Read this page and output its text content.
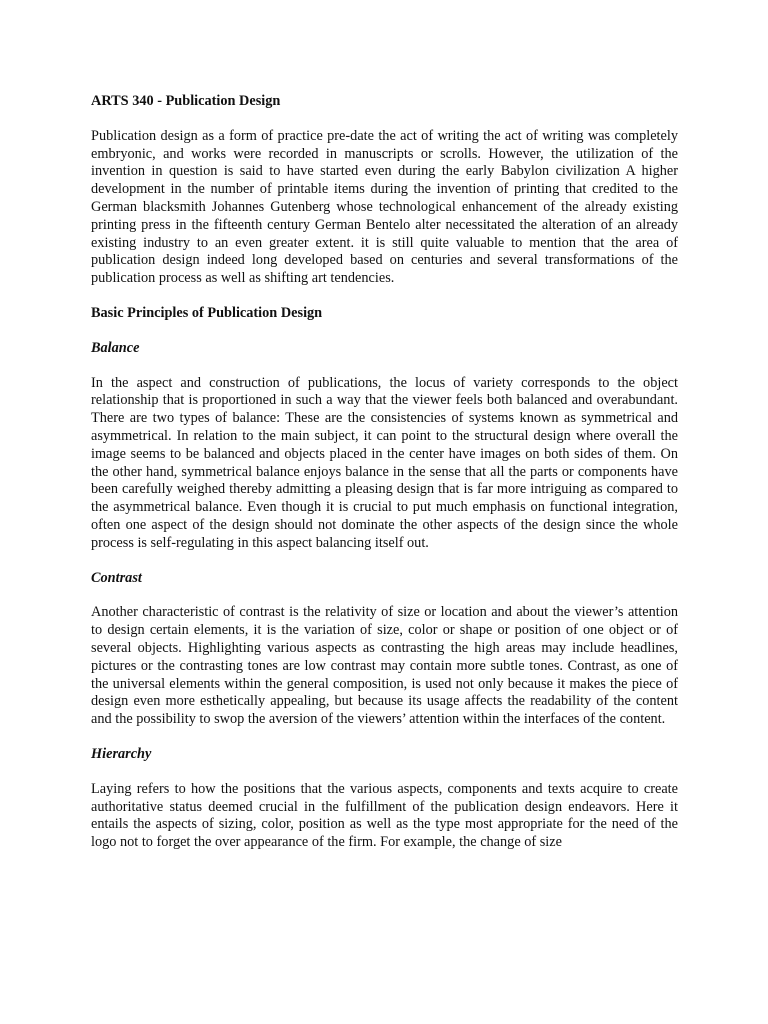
ARTS 340 - Publication Design

Publication design as a form of practice pre-date the act of writing the act of writing was completely embryonic, and works were recorded in manuscripts or scrolls. However, the utilization of the invention in question is said to have started even during the early Babylon civilization A higher development in the number of printable items during the invention of printing that credited to the German blacksmith Johannes Gutenberg whose technological enhancement of the already existing printing press in the fifteenth century German Bentelo alter necessitated the alteration of an already existing industry to an even greater extent. it is still quite valuable to mention that the area of publication design indeed long developed based on centuries and several transformations of the publication process as well as shifting art tendencies.

Basic Principles of Publication Design
Balance

In the aspect and construction of publications, the locus of variety corresponds to the object relationship that is proportioned in such a way that the viewer feels both balanced and overabundant. There are two types of balance: These are the consistencies of systems known as symmetrical and asymmetrical. In relation to the main subject, it can point to the structural design where overall the image seems to be balanced and objects placed in the center have images on both sides of them. On the other hand, symmetrical balance enjoys balance in the sense that all the parts or components have been carefully weighed thereby admitting a pleasing design that is far more intriguing as compared to the asymmetrical balance. Even though it is crucial to put much emphasis on functional integration, often one aspect of the design should not dominate the other aspects of the design since the whole process is self-regulating in this aspect balancing itself out.

Contrast

Another characteristic of contrast is the relativity of size or location and about the viewer’s attention to design certain elements, it is the variation of size, color or shape or position of one object or of several objects. Highlighting various aspects as contrasting the high areas may include headlines, pictures or the contrasting tones are low contrast may contain more subtle tones. Contrast, as one of the universal elements within the general composition, is used not only because it makes the piece of design even more esthetically appealing, but because its usage affects the readability of the content and the possibility to swop the aversion of the viewers’ attention within the interfaces of the content.

Hierarchy

Laying refers to how the positions that the various aspects, components and texts acquire to create authoritative status deemed crucial in the fulfillment of the publication design endeavors. Here it entails the aspects of sizing, color, position as well as the type most appropriate for the need of the logo not to forget the over appearance of the firm. For example, the change of size
